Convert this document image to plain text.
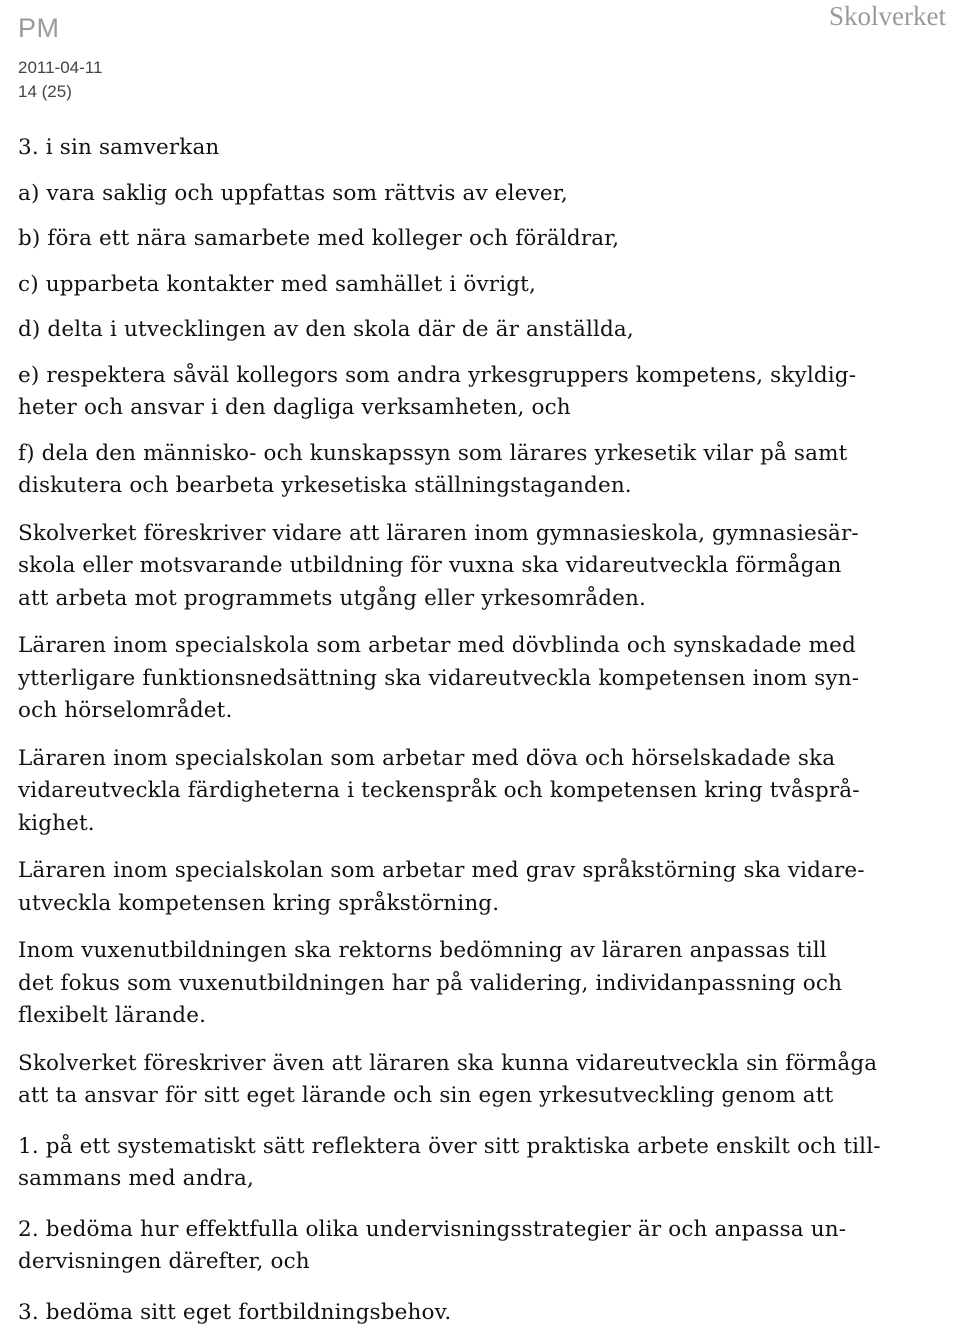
PM
2011-04-11
14 (25)
Skolverket

3. i sin samverkan

a) vara saklig och uppfattas som rättvis av elever,

b) föra ett nära samarbete med kolleger och föräldrar,

c) upparbeta kontakter med samhället i övrigt,

d) delta i utvecklingen av den skola där de är anställda,

e) respektera såväl kollegors som andra yrkesgruppers kompetens, skyldig-

heter och ansvar i den dagliga verksamheten, och

f) dela den människo- och kunskapssyn som lärares yrkesetik vilar på samt

diskutera och bearbeta yrkesetiska ställningstaganden.

Skolverket föreskriver vidare att läraren inom gymnasieskola, gymnasiesär-

skola eller motsvarande utbildning för vuxna ska vidareutveckla förmågan

att arbeta mot programmets utgång eller yrkesområden.

Läraren inom specialskola som arbetar med dövblinda och synskadade med

ytterligare funktionsnedsättning ska vidareutveckla kompetensen inom syn-

och hörselområdet.

Läraren inom specialskolan som arbetar med döva och hörselskadade ska

vidareutveckla färdigheterna i teckenspråk och kompetensen kring tvåsprå-

kighet.

Läraren inom specialskolan som arbetar med grav språkstörning ska vidare-

utveckla kompetensen kring språkstörning.

Inom vuxenutbildningen ska rektorns bedömning av läraren anpassas till

det fokus som vuxenutbildningen har på validering, individanpassning och

flexibelt lärande.

Skolverket föreskriver även att läraren ska kunna vidareutveckla sin förmåga

att ta ansvar för sitt eget lärande och sin egen yrkesutveckling genom att

1. på ett systematiskt sätt reflektera över sitt praktiska arbete enskilt och till-

sammans med andra,

2. bedöma hur effektfulla olika undervisningsstrategier är och anpassa un-

dervisningen därefter, och

3. bedöma sitt eget fortbildningsbehov.
